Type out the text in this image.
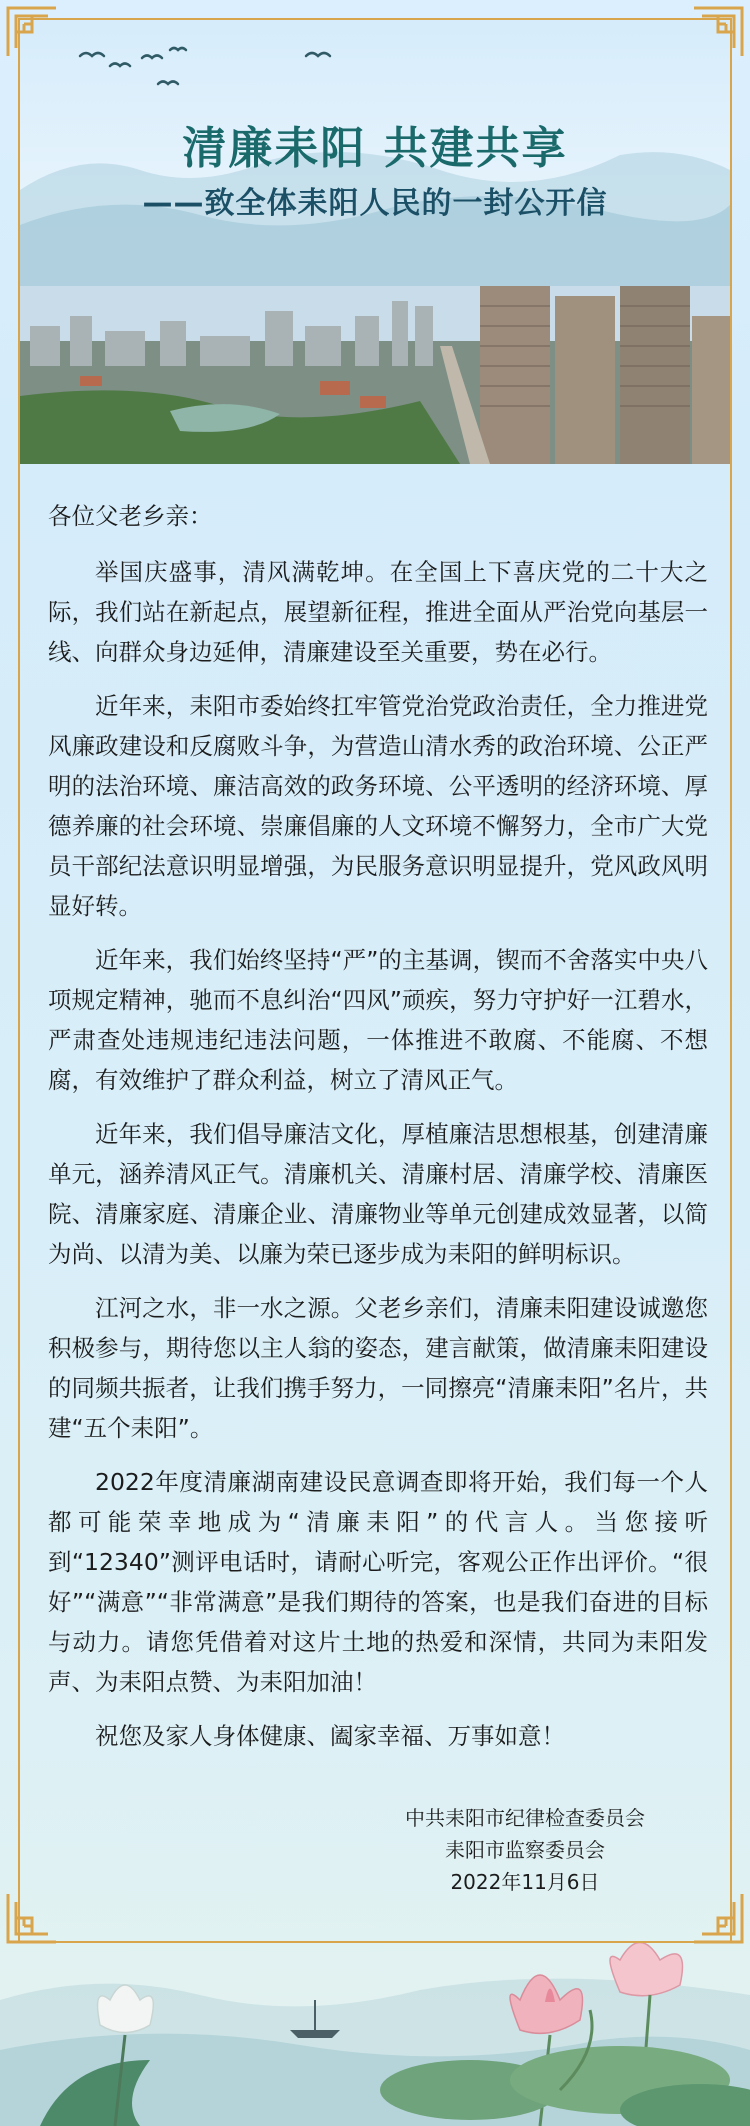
清廉耒阳 共建共享
——致全体耒阳人民的一封公开信

各位父老乡亲：

举国庆盛事，清风满乾坤。在全国上下喜庆党的二十大之际，我们站在新起点，展望新征程，推进全面从严治党向基层一线、向群众身边延伸，清廉建设至关重要，势在必行。

近年来，耒阳市委始终扛牢管党治党政治责任，全力推进党风廉政建设和反腐败斗争，为营造山清水秀的政治环境、公正严明的法治环境、廉洁高效的政务环境、公平透明的经济环境、厚德养廉的社会环境、崇廉倡廉的人文环境不懈努力，全市广大党员干部纪法意识明显增强，为民服务意识明显提升，党风政风明显好转。

近年来，我们始终坚持“严”的主基调，锲而不舍落实中央八项规定精神，驰而不息纠治“四风”顽疾，努力守护好一江碧水，严肃查处违规违纪违法问题，一体推进不敢腐、不能腐、不想腐，有效维护了群众利益，树立了清风正气。

近年来，我们倡导廉洁文化，厚植廉洁思想根基，创建清廉单元，涵养清风正气。清廉机关、清廉村居、清廉学校、清廉医院、清廉家庭、清廉企业、清廉物业等单元创建成效显著，以简为尚、以清为美、以廉为荣已逐步成为耒阳的鲜明标识。

江河之水，非一水之源。父老乡亲们，清廉耒阳建设诚邀您积极参与，期待您以主人翁的姿态，建言献策，做清廉耒阳建设的同频共振者，让我们携手努力，一同擦亮“清廉耒阳”名片，共建“五个耒阳”。

2022年度清廉湖南建设民意调查即将开始，我们每一个人都可能荣幸地成为“清廉耒阳”的代言人。当您接听到“12340”测评电话时，请耐心听完，客观公正作出评价。“很好”“满意”“非常满意”是我们期待的答案，也是我们奋进的目标与动力。请您凭借着对这片土地的热爱和深情，共同为耒阳发声、为耒阳点赞、为耒阳加油！

祝您及家人身体健康、阖家幸福、万事如意！

中共耒阳市纪律检查委员会
耒阳市监察委员会
2022年11月6日
